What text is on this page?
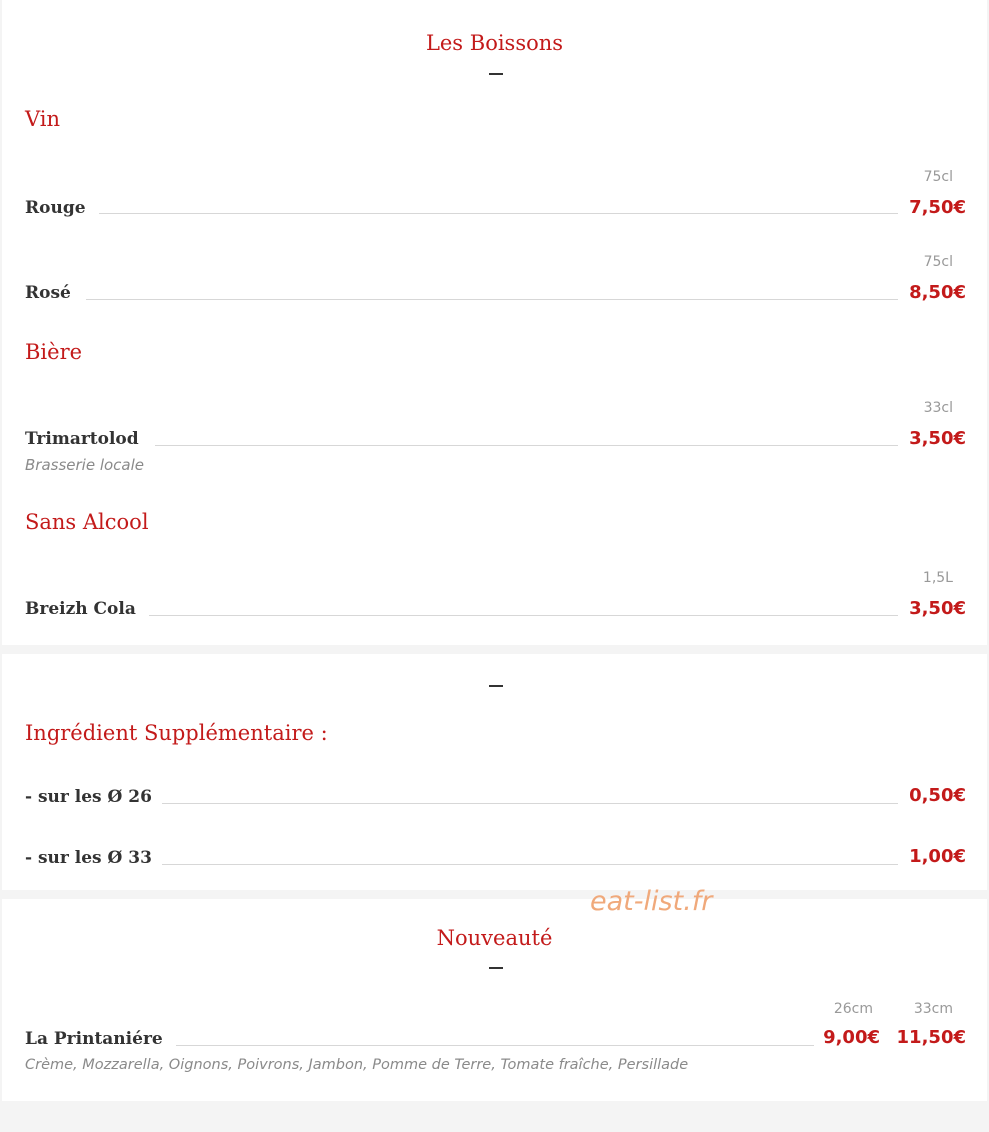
Les Boissons
Vin
75cl
Rouge	7,50€
75cl
Rosé	8,50€
Bière
33cl
Trimartolod	3,50€
Brasserie locale
Sans Alcool
1,5L
Breizh Cola	3,50€
Ingrédient Supplémentaire :
- sur les Ø 26	0,50€
- sur les Ø 33	1,00€
Nouveauté
26cm	33cm
La Printaniére	9,00€ 11,50€
Crème, Mozzarella, Oignons, Poivrons, Jambon, Pomme de Terre, Tomate fraîche, Persillade
eat-list.fr
